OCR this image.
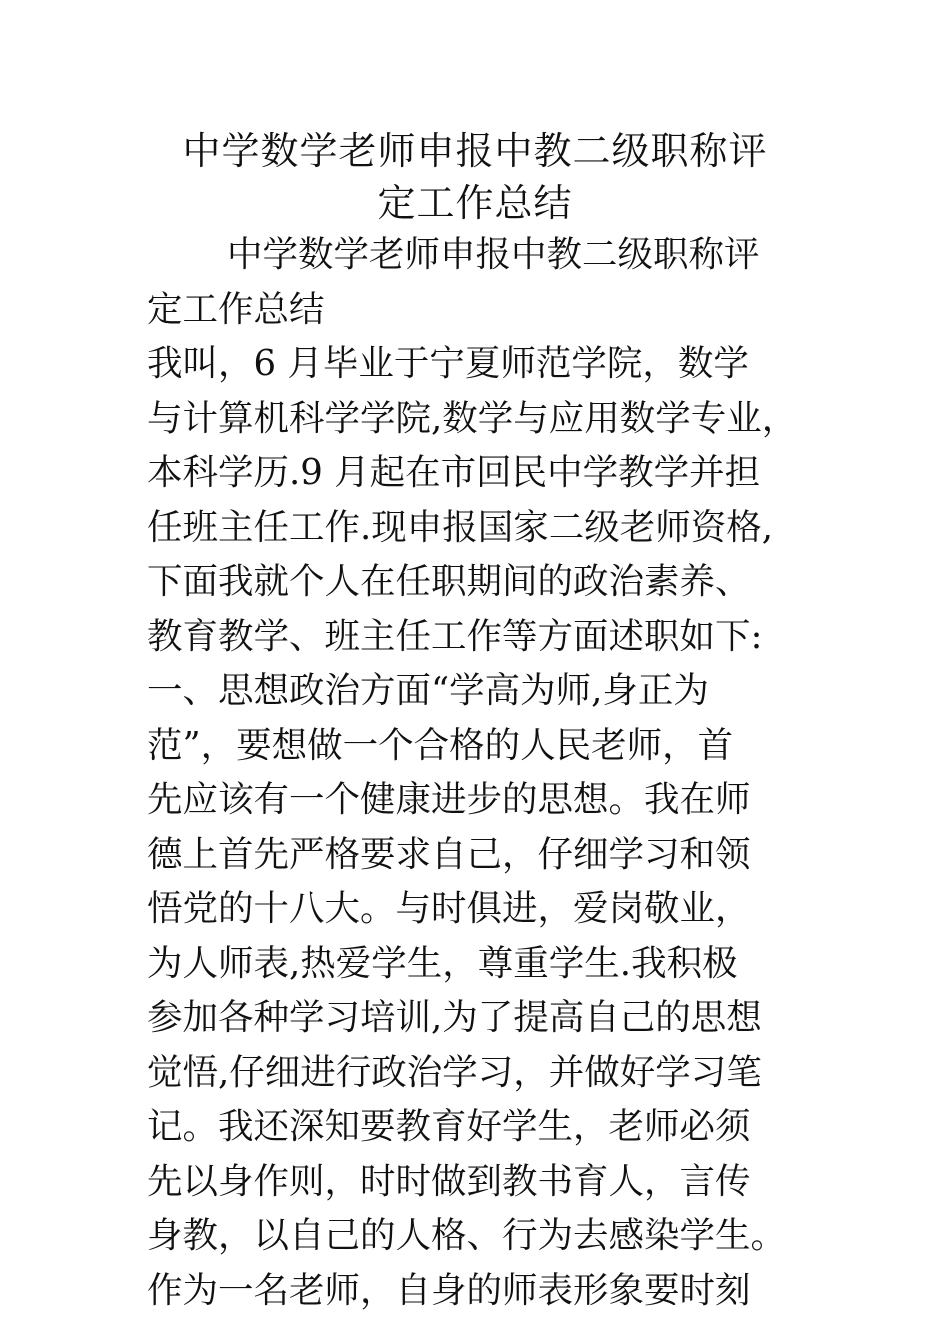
中学数学老师申报中教二级职称评
定工作总结
中学数学老师申报中教二级职称评
定工作总结
我叫，6 月毕业于宁夏师范学院，数学
与计算机科学学院,数学与应用数学专业，
本科学历.9 月起在市回民中学教学并担
任班主任工作.现申报国家二级老师资格,
下面我就个人在任职期间的政治素养、
教育教学、班主任工作等方面述职如下:
一、思想政治方面“学高为师,身正为
范”，要想做一个合格的人民老师，首
先应该有一个健康进步的思想。我在师
德上首先严格要求自己，仔细学习和领
悟党的十八大。与时俱进，爱岗敬业，
为人师表,热爱学生，尊重学生.我积极
参加各种学习培训,为了提高自己的思想
觉悟,仔细进行政治学习，并做好学习笔
记。我还深知要教育好学生，老师必须
先以身作则，时时做到教书育人，言传
身教，以自己的人格、行为去感染学生。
作为一名老师，自身的师表形象要时刻
